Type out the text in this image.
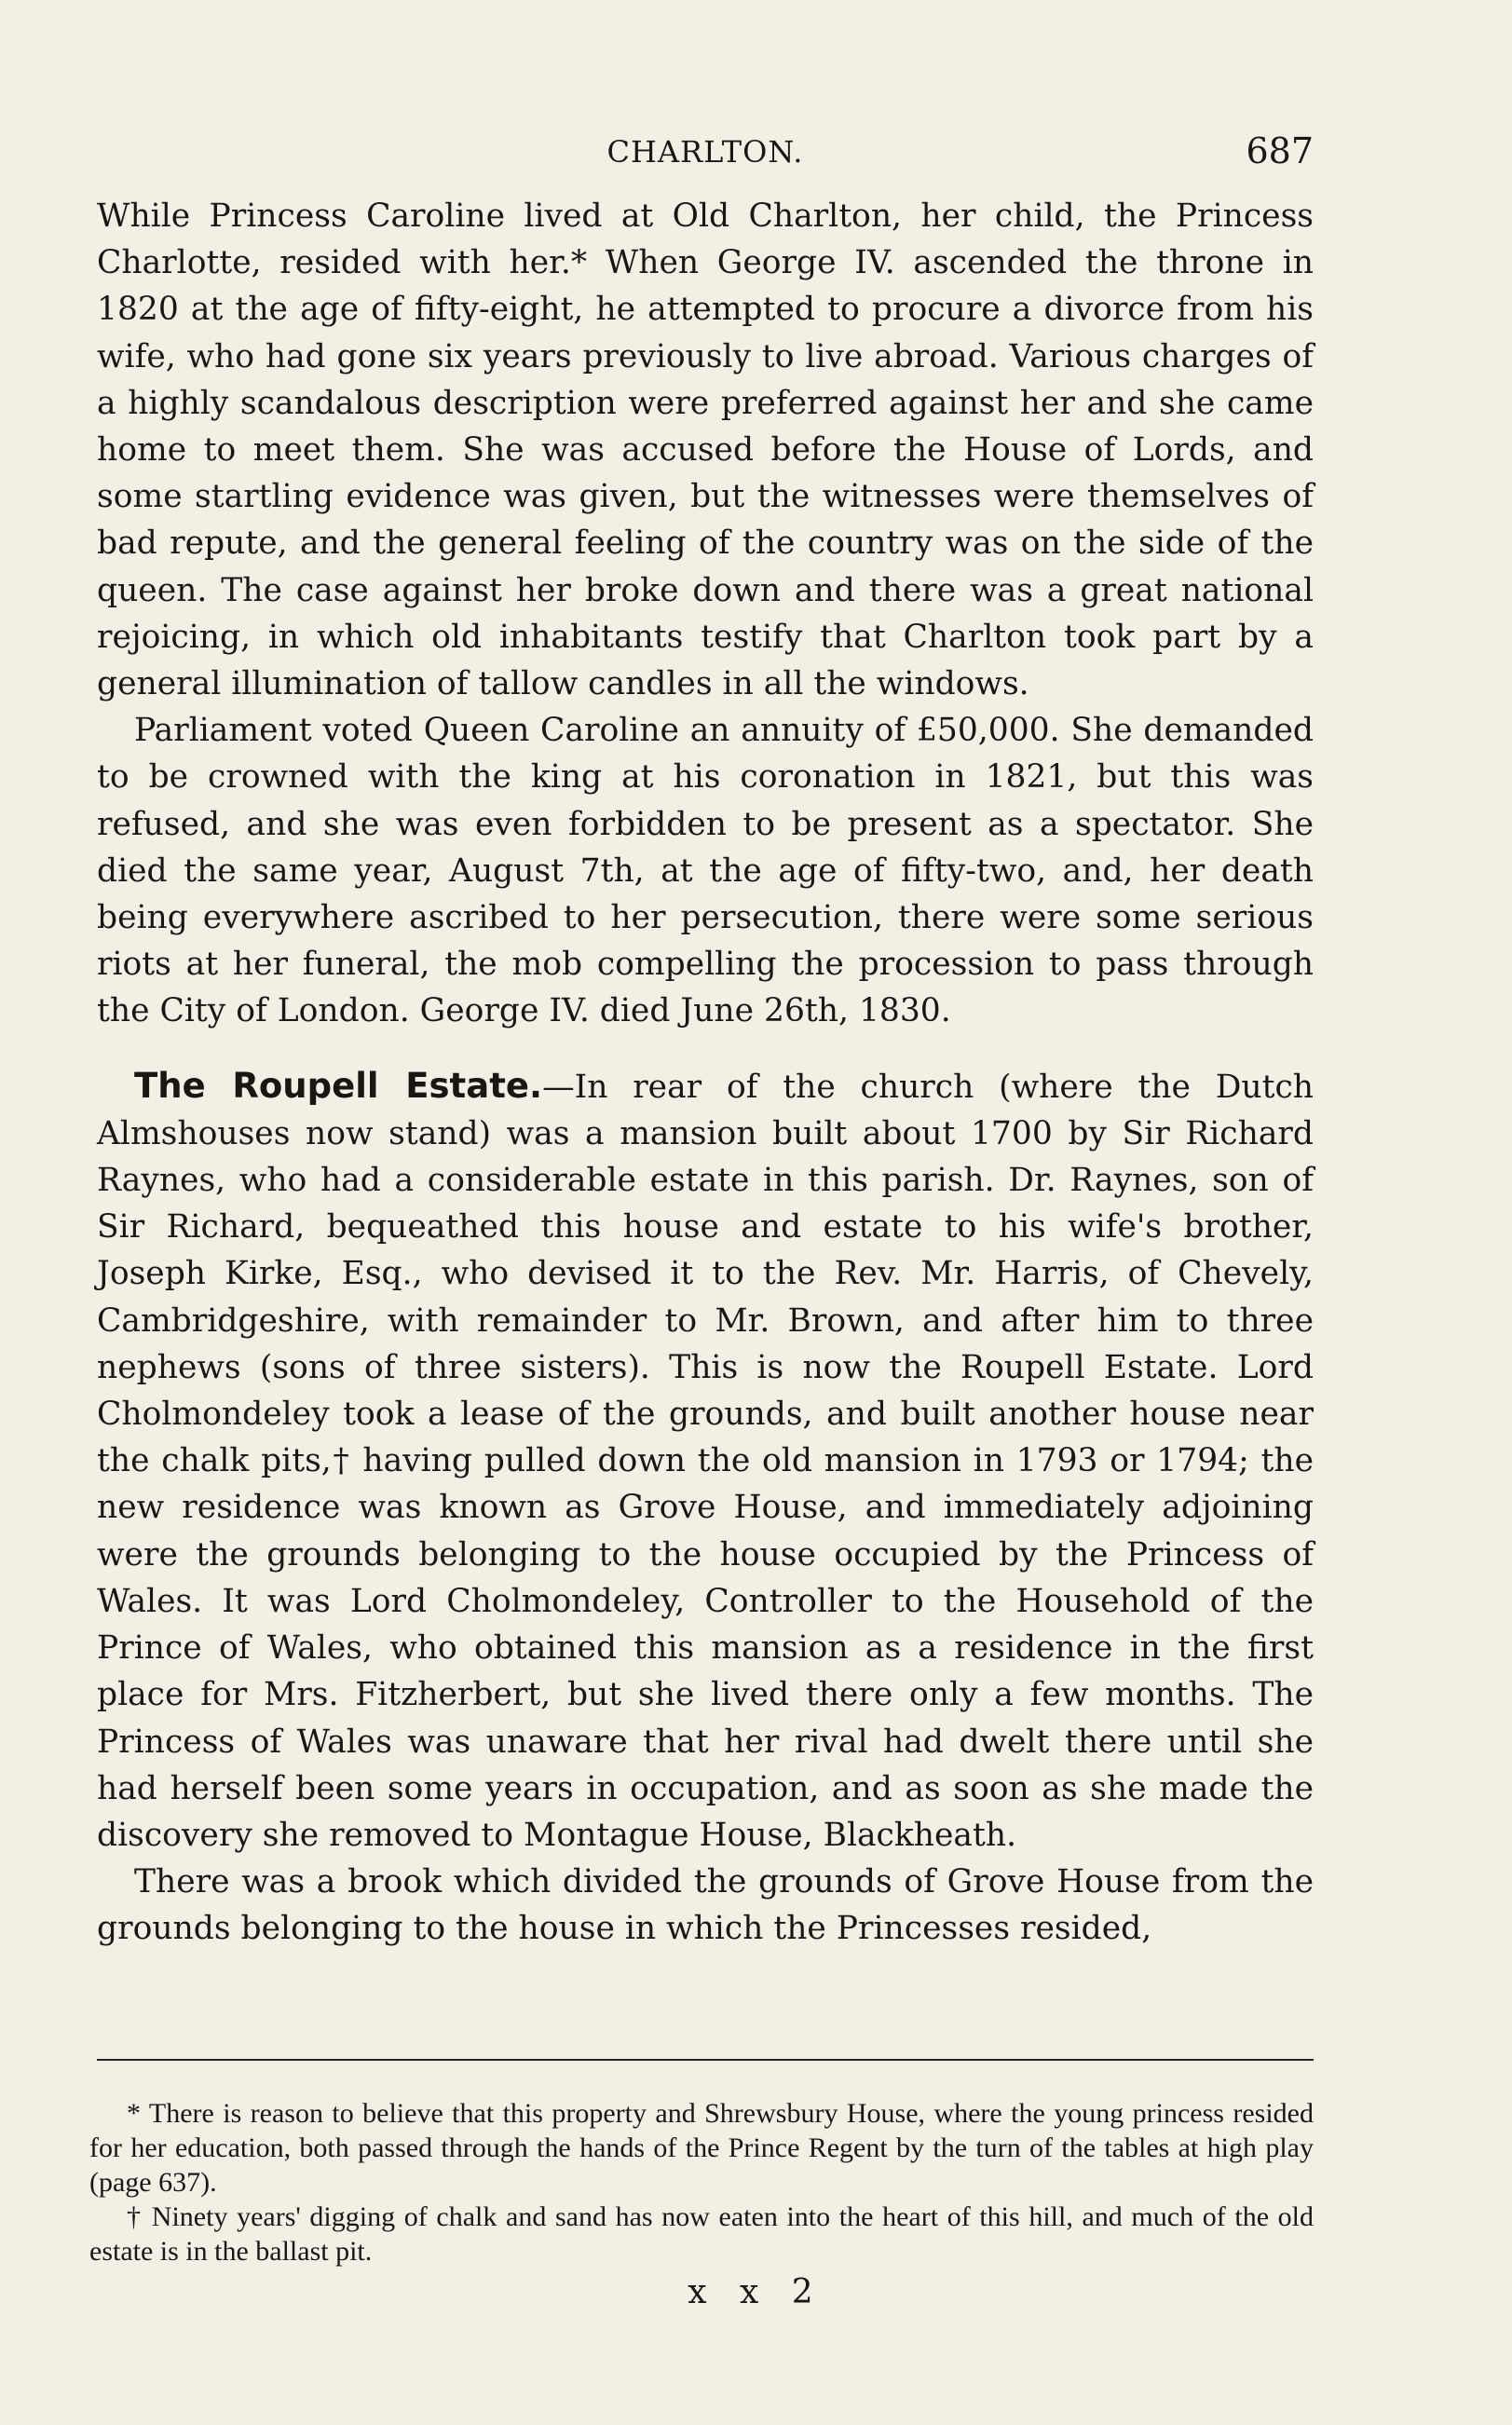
CHARLTON.	687

While Princess Caroline lived at Old Charlton, her child, the Princess Charlotte, resided with her.* When George IV. ascended the throne in 1820 at the age of fifty-eight, he attempted to procure a divorce from his wife, who had gone six years previously to live abroad. Various charges of a highly scandalous description were preferred against her and she came home to meet them. She was accused before the House of Lords, and some startling evidence was given, but the witnesses were themselves of bad repute, and the general feeling of the country was on the side of the queen. The case against her broke down and there was a great national rejoicing, in which old inhabitants testify that Charlton took part by a general illumination of tallow candles in all the windows.

Parliament voted Queen Caroline an annuity of £50,000. She demanded to be crowned with the king at his coronation in 1821, but this was refused, and she was even forbidden to be present as a spectator. She died the same year, August 7th, at the age of fifty-two, and, her death being everywhere ascribed to her persecution, there were some serious riots at her funeral, the mob compelling the procession to pass through the City of London. George IV. died June 26th, 1830.

The Roupell Estate.—In rear of the church (where the Dutch Almshouses now stand) was a mansion built about 1700 by Sir Richard Raynes, who had a considerable estate in this parish. Dr. Raynes, son of Sir Richard, bequeathed this house and estate to his wife's brother, Joseph Kirke, Esq., who devised it to the Rev. Mr. Harris, of Chevely, Cambridgeshire, with remainder to Mr. Brown, and after him to three nephews (sons of three sisters). This is now the Roupell Estate. Lord Cholmondeley took a lease of the grounds, and built another house near the chalk pits,† having pulled down the old mansion in 1793 or 1794; the new residence was known as Grove House, and immediately adjoining were the grounds belonging to the house occupied by the Princess of Wales. It was Lord Cholmondeley, Controller to the Household of the Prince of Wales, who obtained this mansion as a residence in the first place for Mrs. Fitzherbert, but she lived there only a few months. The Princess of Wales was unaware that her rival had dwelt there until she had herself been some years in occupation, and as soon as she made the discovery she removed to Montague House, Blackheath.

There was a brook which divided the grounds of Grove House from the grounds belonging to the house in which the Princesses resided,

* There is reason to believe that this property and Shrewsbury House, where the young princess resided for her education, both passed through the hands of the Prince Regent by the turn of the tables at high play (page 637).

† Ninety years' digging of chalk and sand has now eaten into the heart of this hill, and much of the old estate is in the ballast pit.

x x 2
